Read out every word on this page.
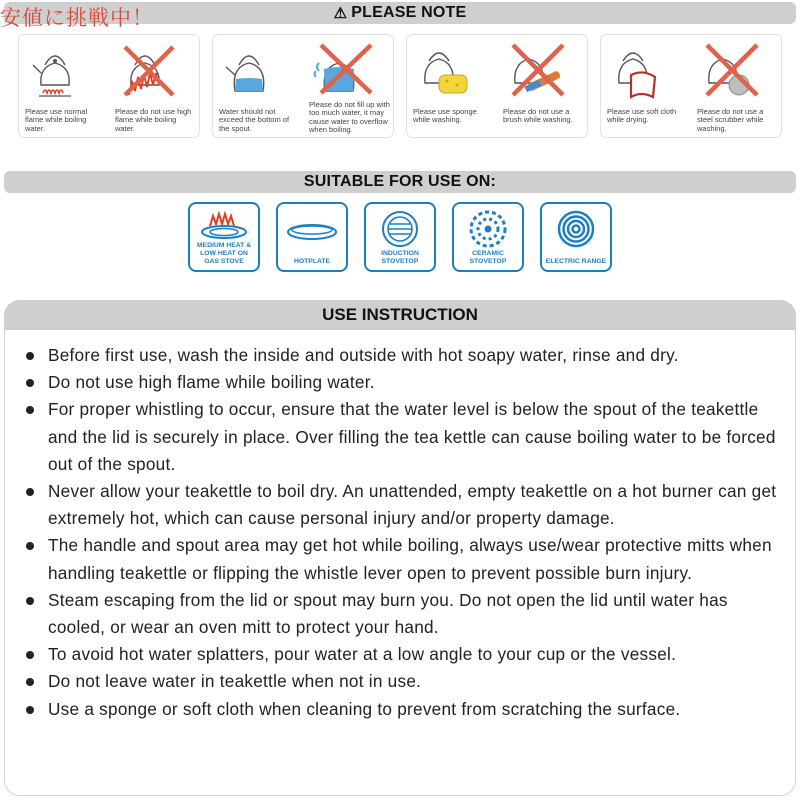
⚠ PLEASE NOTE
安値に挑戦中！
Please use normal flame while boiling water.
Please do not use high flame while boiling water.
Water should not exceed the bottom of the spout.
Please do not fill up with too much water, it may cause water to overflow when boiling.
Please use sponge while washing.
Please do not use a brush while washing.
Please use soft cloth while drying.
Please do not use a steel scrubber while washing.
SUITABLE FOR USE ON:
MEDIUM HEAT & LOW HEAT ON GAS STOVE	HOTPLATE
INDUCTION STOVETOP
CERAMIC STOVETOP	ELECTRIC RANGE
USE INSTRUCTION
Before first use, wash the inside and outside with hot soapy water, rinse and dry.
Do not use high flame while boiling water.
For proper whistling to occur, ensure that the water level is below the spout of the teakettle and the lid is securely in place. Over filling the tea kettle can cause boiling water to be forced out of the spout.
Never allow your teakettle to boil dry. An unattended, empty teakettle on a hot burner can get extremely hot, which can cause personal injury and/or property damage.
The handle and spout area may get hot while boiling, always use/wear protective mitts when handling teakettle or flipping the whistle lever open to prevent possible burn injury.
Steam escaping from the lid or spout may burn you. Do not open the lid until water has cooled, or wear an oven mitt to protect your hand.
To avoid hot water splatters, pour water at a low angle to your cup or the vessel.
Do not leave water in teakettle when not in use.
Use a sponge or soft cloth when cleaning to prevent from scratching the surface.
